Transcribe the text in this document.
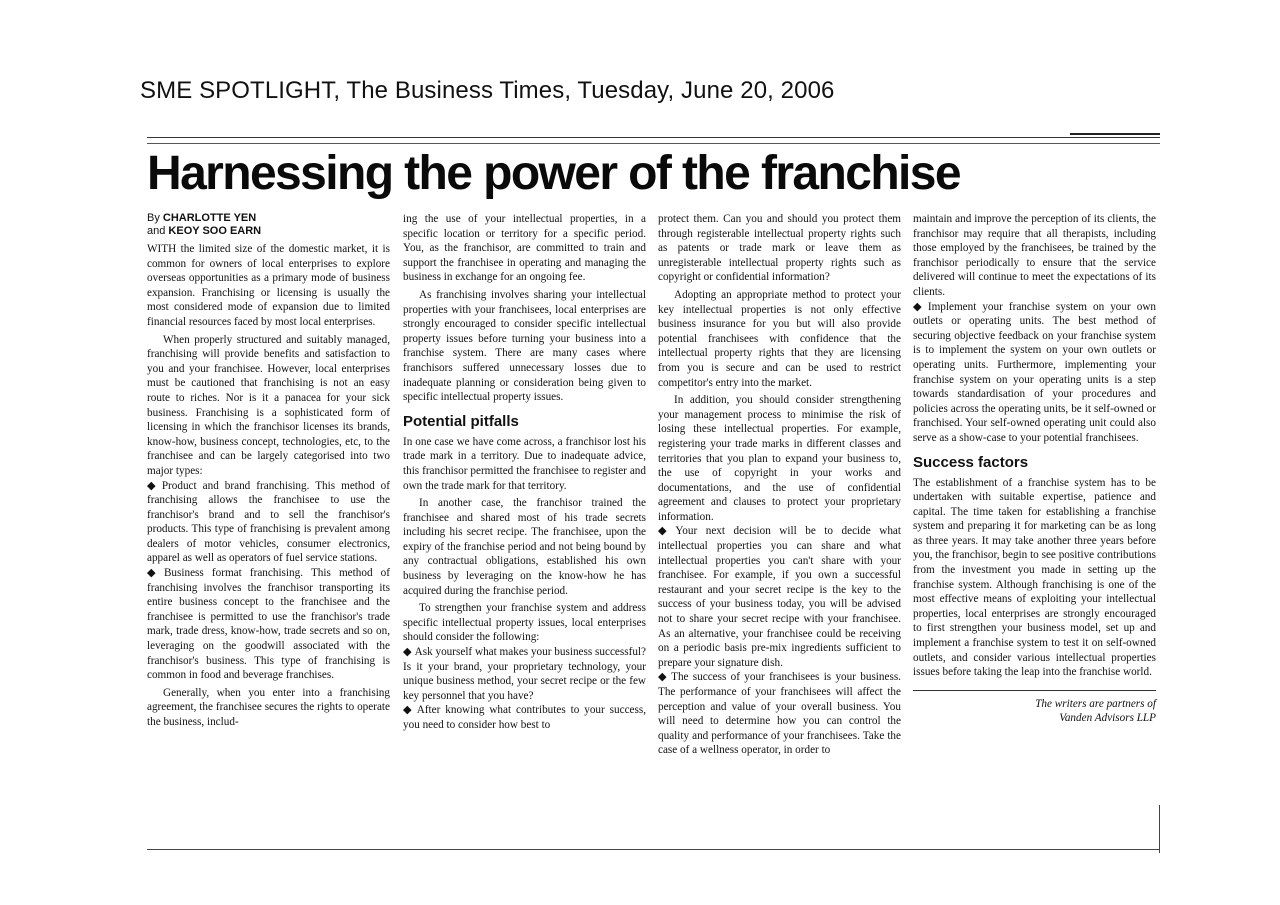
SME SPOTLIGHT, The Business Times, Tuesday, June 20, 2006
Harnessing the power of the franchise
By CHARLOTTE YEN
and KEOY SOO EARN

WITH the limited size of the domestic market, it is common for owners of local enterprises to explore overseas opportunities as a primary mode of business expansion. Franchising or licensing is usually the most considered mode of expansion due to limited financial resources faced by most local enterprises.

When properly structured and suitably managed, franchising will provide benefits and satisfaction to you and your franchisee. However, local enterprises must be cautioned that franchising is not an easy route to riches. Nor is it a panacea for your sick business. Franchising is a sophisticated form of licensing in which the franchisor licenses its brands, know-how, business concept, technologies, etc, to the franchisee and can be largely categorised into two major types:

◆ Product and brand franchising. This method of franchising allows the franchisee to use the franchisor's brand and to sell the franchisor's products. This type of franchising is prevalent among dealers of motor vehicles, consumer electronics, apparel as well as operators of fuel service stations.

◆ Business format franchising. This method of franchising involves the franchisor transporting its entire business concept to the franchisee and the franchisee is permitted to use the franchisor's trade mark, trade dress, know-how, trade secrets and so on, leveraging on the goodwill associated with the franchisor's business. This type of franchising is common in food and beverage franchises.

Generally, when you enter into a franchising agreement, the franchisee secures the rights to operate the business, includ-

ing the use of your intellectual properties, in a specific location or territory for a specific period. You, as the franchisor, are committed to train and support the franchisee in operating and managing the business in exchange for an ongoing fee.

As franchising involves sharing your intellectual properties with your franchisees, local enterprises are strongly encouraged to consider specific intellectual property issues before turning your business into a franchise system. There are many cases where franchisors suffered unnecessary losses due to inadequate planning or consideration being given to specific intellectual property issues.

Potential pitfalls

In one case we have come across, a franchisor lost his trade mark in a territory. Due to inadequate advice, this franchisor permitted the franchisee to register and own the trade mark for that territory.

In another case, the franchisor trained the franchisee and shared most of his trade secrets including his secret recipe. The franchisee, upon the expiry of the franchise period and not being bound by any contractual obligations, established his own business by leveraging on the know-how he has acquired during the franchise period.

To strengthen your franchise system and address specific intellectual property issues, local enterprises should consider the following:

◆ Ask yourself what makes your business successful? Is it your brand, your proprietary technology, your unique business method, your secret recipe or the few key personnel that you have?

◆ After knowing what contributes to your success, you need to consider how best to

protect them. Can you and should you protect them through registerable intellectual property rights such as patents or trade mark or leave them as unregisterable intellectual property rights such as copyright or confidential information?

Adopting an appropriate method to protect your key intellectual properties is not only effective business insurance for you but will also provide potential franchisees with confidence that the intellectual property rights that they are licensing from you is secure and can be used to restrict competitor's entry into the market.

In addition, you should consider strengthening your management process to minimise the risk of losing these intellectual properties. For example, registering your trade marks in different classes and territories that you plan to expand your business to, the use of copyright in your works and documentations, and the use of confidential agreement and clauses to protect your proprietary information.

◆ Your next decision will be to decide what intellectual properties you can share and what intellectual properties you can't share with your franchisee. For example, if you own a successful restaurant and your secret recipe is the key to the success of your business today, you will be advised not to share your secret recipe with your franchisee. As an alternative, your franchisee could be receiving on a periodic basis pre-mix ingredients sufficient to prepare your signature dish.

◆ The success of your franchisees is your business. The performance of your franchisees will affect the perception and value of your overall business. You will need to determine how you can control the quality and performance of your franchisees. Take the case of a wellness operator, in order to

maintain and improve the perception of its clients, the franchisor may require that all therapists, including those employed by the franchisees, be trained by the franchisor periodically to ensure that the service delivered will continue to meet the expectations of its clients.

◆ Implement your franchise system on your own outlets or operating units. The best method of securing objective feedback on your franchise system is to implement the system on your own outlets or operating units. Furthermore, implementing your franchise system on your operating units is a step towards standardisation of your procedures and policies across the operating units, be it self-owned or franchised. Your self-owned operating unit could also serve as a show-case to your potential franchisees.

Success factors

The establishment of a franchise system has to be undertaken with suitable expertise, patience and capital. The time taken for establishing a franchise system and preparing it for marketing can be as long as three years. It may take another three years before you, the franchisor, begin to see positive contributions from the investment you made in setting up the franchise system. Although franchising is one of the most effective means of exploiting your intellectual properties, local enterprises are strongly encouraged to first strengthen your business model, set up and implement a franchise system to test it on self-owned outlets, and consider various intellectual properties issues before taking the leap into the franchise world.

The writers are partners of
Vanden Advisors LLP
